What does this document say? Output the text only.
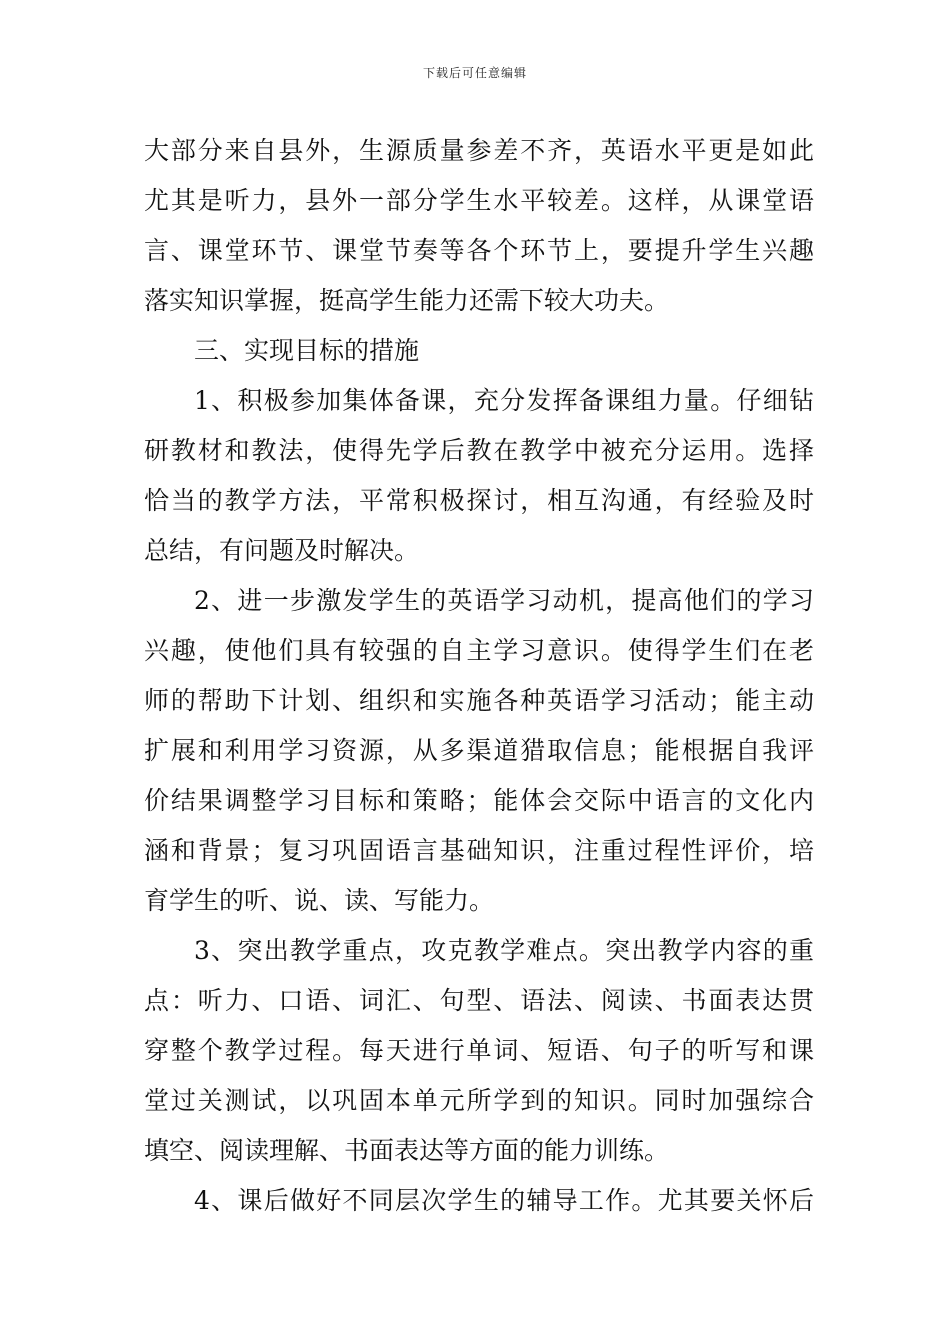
下载后可任意编辑
大部分来自县外，生源质量参差不齐，英语水平更是如此
尤其是听力，县外一部分学生水平较差。这样，从课堂语
言、课堂环节、课堂节奏等各个环节上，要提升学生兴趣
落实知识掌握，挺高学生能力还需下较大功夫。
三、实现目标的措施
1、积极参加集体备课，充分发挥备课组力量。仔细钻
研教材和教法，使得先学后教在教学中被充分运用。选择
恰当的教学方法，平常积极探讨，相互沟通，有经验及时
总结，有问题及时解决。
2、进一步激发学生的英语学习动机，提高他们的学习
兴趣，使他们具有较强的自主学习意识。使得学生们在老
师的帮助下计划、组织和实施各种英语学习活动；能主动
扩展和利用学习资源，从多渠道猎取信息；能根据自我评
价结果调整学习目标和策略；能体会交际中语言的文化内
涵和背景；复习巩固语言基础知识，注重过程性评价，培
育学生的听、说、读、写能力。
3、突出教学重点，攻克教学难点。突出教学内容的重
点：听力、口语、词汇、句型、语法、阅读、书面表达贯
穿整个教学过程。每天进行单词、短语、句子的听写和课
堂过关测试，以巩固本单元所学到的知识。同时加强综合
填空、阅读理解、书面表达等方面的能力训练。
4、课后做好不同层次学生的辅导工作。尤其要关怀后
